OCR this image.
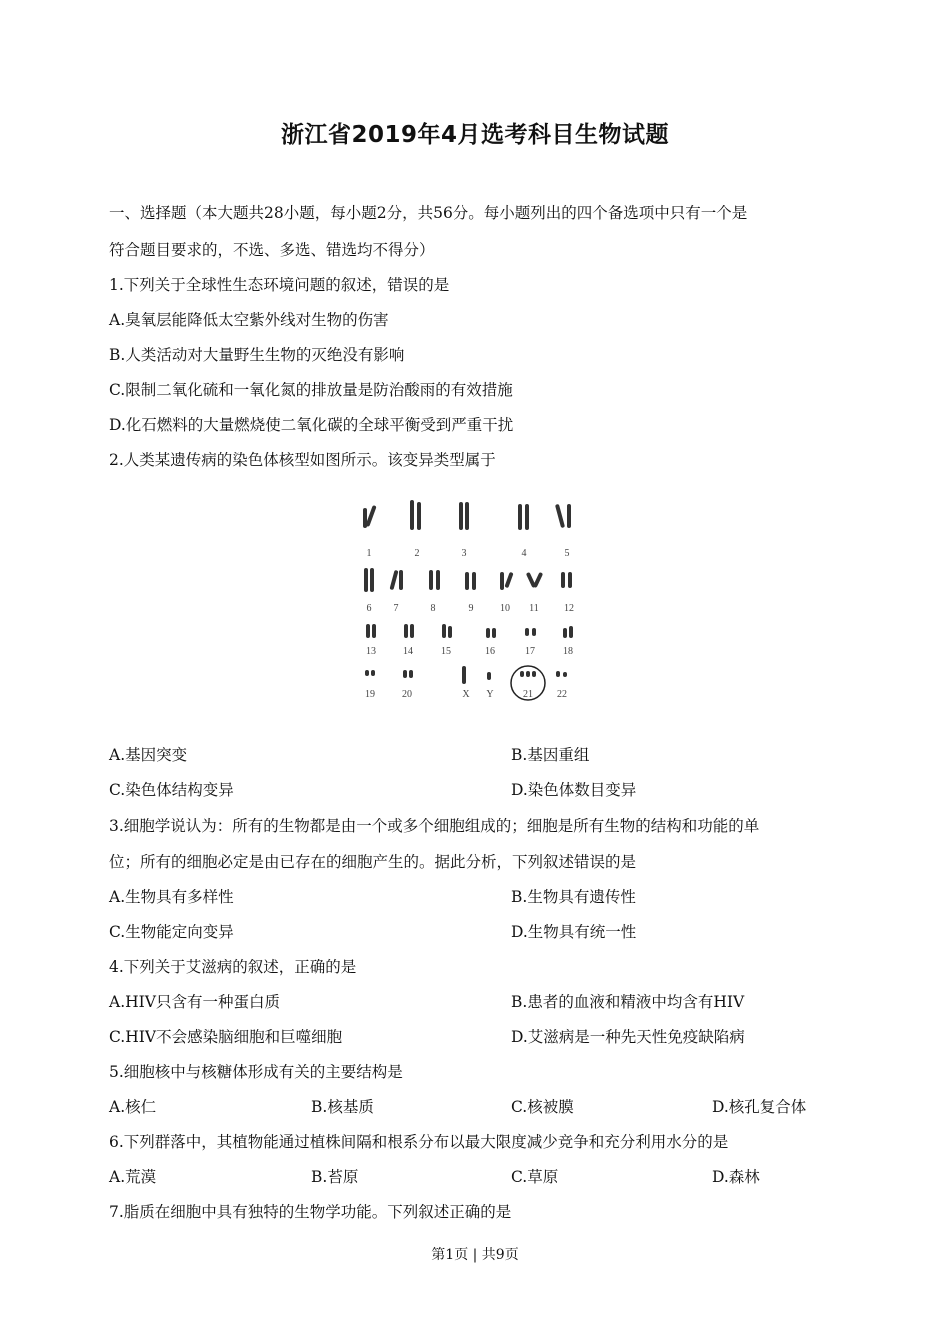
浙江省2019年4月选考科目生物试题
一、选择题（本大题共28小题，每小题2分，共56分。每小题列出的四个备选项中只有一个是
符合题目要求的，不选、多选、错选均不得分）
1.下列关于全球性生态环境问题的叙述，错误的是
A.臭氧层能降低太空紫外线对生物的伤害
B.人类活动对大量野生生物的灭绝没有影响
C.限制二氧化硫和一氧化氮的排放量是防治酸雨的有效措施
D.化石燃料的大量燃烧使二氧化碳的全球平衡受到严重干扰
2.人类某遗传病的染色体核型如图所示。该变异类型属于
1	2	3	4	5
6 7	8	9	10 11	12
13	14	15	16	17	18
19	20	X Y	21 22
A.基因突变	B.基因重组
C.染色体结构变异	D.染色体数目变异
3.细胞学说认为：所有的生物都是由一个或多个细胞组成的；细胞是所有生物的结构和功能的单
位；所有的细胞必定是由已存在的细胞产生的。据此分析，下列叙述错误的是
A.生物具有多样性	B.生物具有遗传性
C.生物能定向变异	D.生物具有统一性
4.下列关于艾滋病的叙述，正确的是
A.HIV只含有一种蛋白质	B.患者的血液和精液中均含有HIV
C.HIV不会感染脑细胞和巨噬细胞	D.艾滋病是一种先天性免疫缺陷病
5.细胞核中与核糖体形成有关的主要结构是
A.核仁	B.核基质	C.核被膜	D.核孔复合体
6.下列群落中，其植物能通过植株间隔和根系分布以最大限度减少竞争和充分利用水分的是
A.荒漠	B.苔原	C.草原	D.森林
7.脂质在细胞中具有独特的生物学功能。下列叙述正确的是
第1页 | 共9页
